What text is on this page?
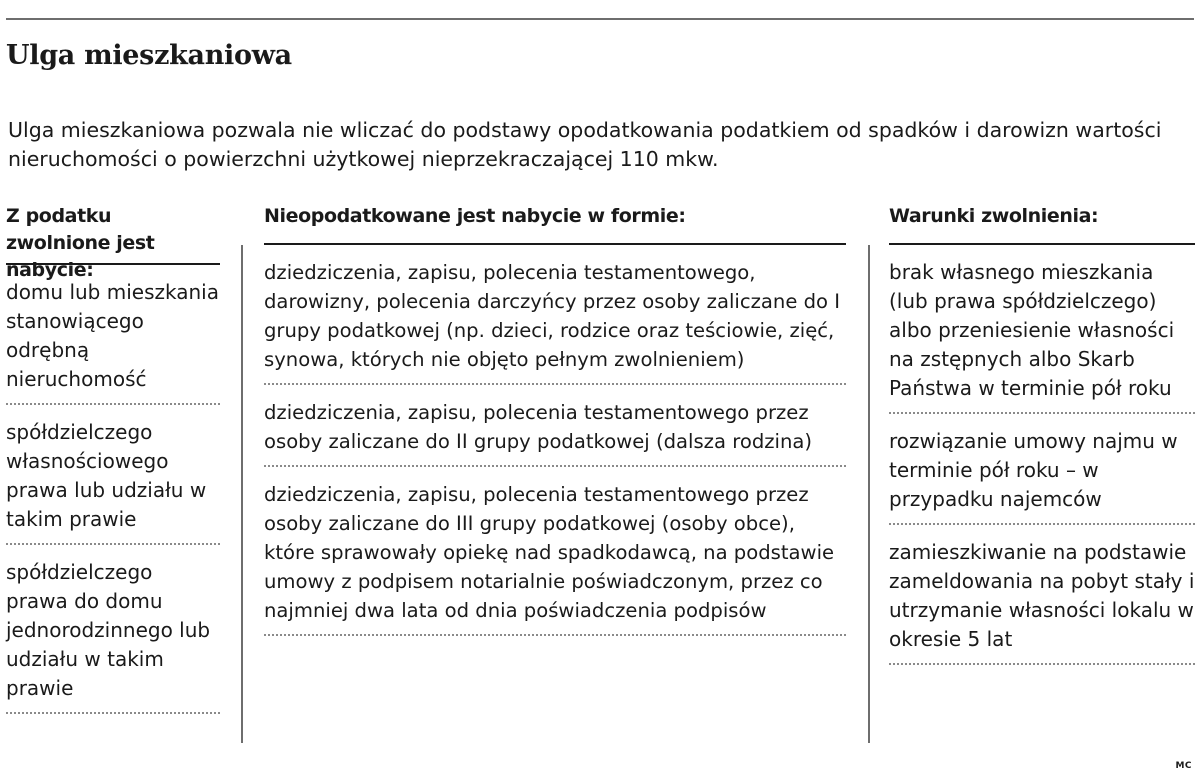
Ulga mieszkaniowa

Ulga mieszkaniowa pozwala nie wliczać do podstawy opodatkowania podatkiem od spadków i darowizn wartości nieruchomości o powierzchni użytkowej nieprzekraczającej 110 mkw.

Z podatku zwolnione jest nabycie:
domu lub mieszkania stanowiącego odrębną nieruchomość
spółdzielczego własnościowego prawa lub udziału w takim prawie
spółdzielczego prawa do domu jednorodzinnego lub udziału w takim prawie
Nieopodatkowane jest nabycie w formie:
dziedziczenia, zapisu, polecenia testamentowego, darowizny, polecenia darczyńcy przez osoby zaliczane do I grupy podatkowej (np. dzieci, rodzice oraz teściowie, zięć, synowa, których nie objęto pełnym zwolnieniem)
dziedziczenia, zapisu, polecenia testamentowego przez osoby zaliczane do II grupy podatkowej (dalsza rodzina)
dziedziczenia, zapisu, polecenia testamentowego przez osoby zaliczane do III grupy podatkowej (osoby obce), które sprawowały opiekę nad spadkodawcą, na podstawie umowy z podpisem notarialnie poświadczonym, przez co najmniej dwa lata od dnia poświadczenia podpisów
Warunki zwolnienia:
brak własnego mieszkania (lub prawa spółdzielczego) albo przeniesienie własności na zstępnych albo Skarb Państwa w terminie pół roku
rozwiązanie umowy najmu w terminie pół roku – w przypadku najemców
zamieszkiwanie na podstawie zameldowania na pobyt stały i utrzymanie własności lokalu w okresie 5 lat
MC
